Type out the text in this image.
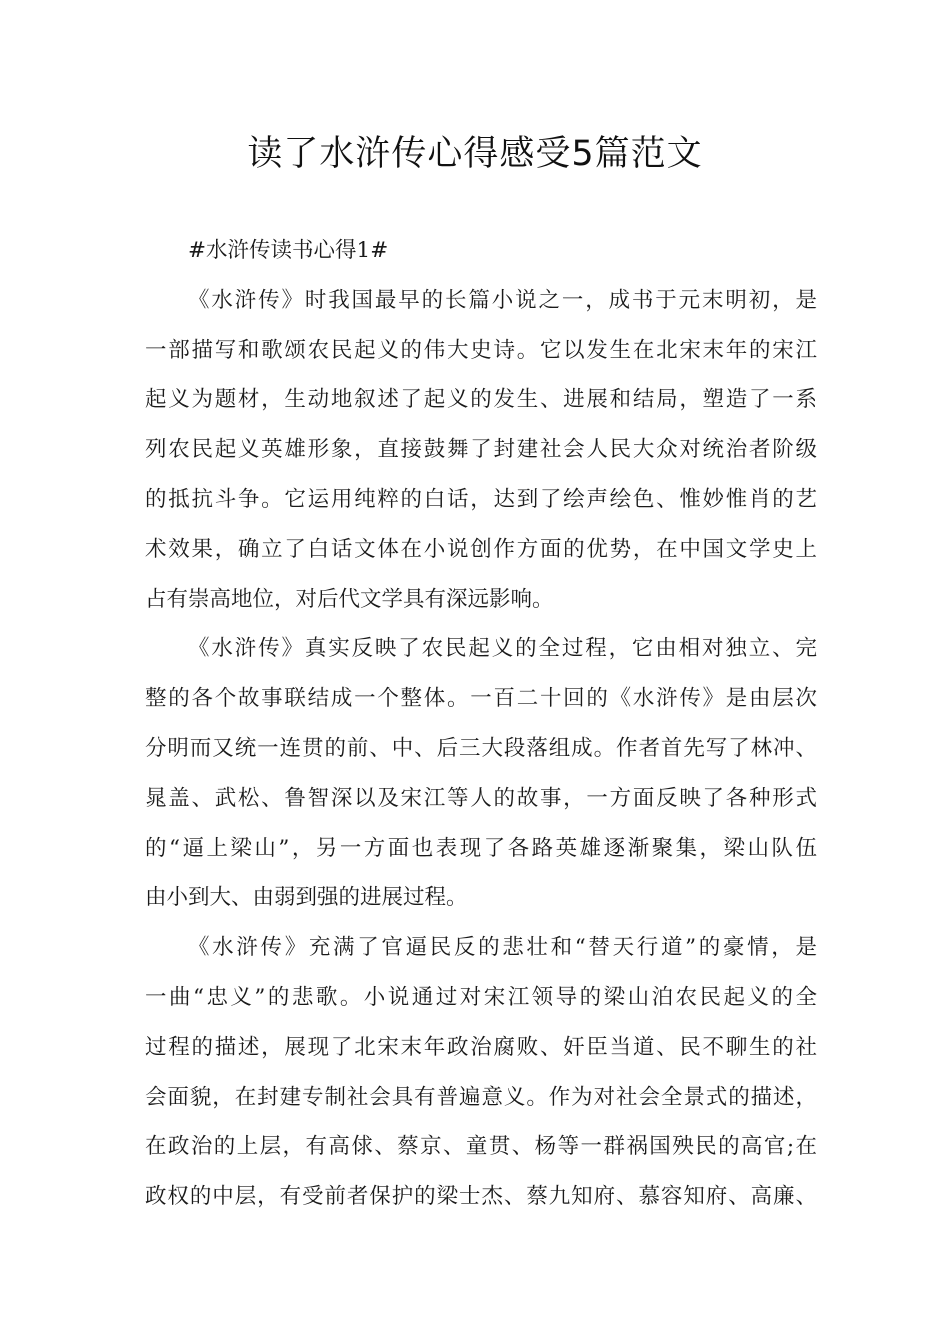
读了水浒传心得感受5篇范文
#水浒传读书心得1#
《水浒传》时我国最早的长篇小说之一，成书于元末明初，是
一部描写和歌颂农民起义的伟大史诗。它以发生在北宋末年的宋江
起义为题材，生动地叙述了起义的发生、进展和结局，塑造了一系
列农民起义英雄形象，直接鼓舞了封建社会人民大众对统治者阶级
的抵抗斗争。它运用纯粹的白话，达到了绘声绘色、惟妙惟肖的艺
术效果，确立了白话文体在小说创作方面的优势，在中国文学史上
占有崇高地位，对后代文学具有深远影响。
《水浒传》真实反映了农民起义的全过程，它由相对独立、完
整的各个故事联结成一个整体。一百二十回的《水浒传》是由层次
分明而又统一连贯的前、中、后三大段落组成。作者首先写了林冲、
晁盖、武松、鲁智深以及宋江等人的故事，一方面反映了各种形式
的“逼上梁山”，另一方面也表现了各路英雄逐渐聚集，梁山队伍
由小到大、由弱到强的进展过程。
《水浒传》充满了官逼民反的悲壮和“替天行道”的豪情，是
一曲“忠义”的悲歌。小说通过对宋江领导的梁山泊农民起义的全
过程的描述，展现了北宋末年政治腐败、奸臣当道、民不聊生的社
会面貌，在封建专制社会具有普遍意义。作为对社会全景式的描述，
在政治的上层，有高俅、蔡京、童贯、杨等一群祸国殃民的高官;在
政权的中层，有受前者保护的梁士杰、蔡九知府、慕容知府、高廉、
